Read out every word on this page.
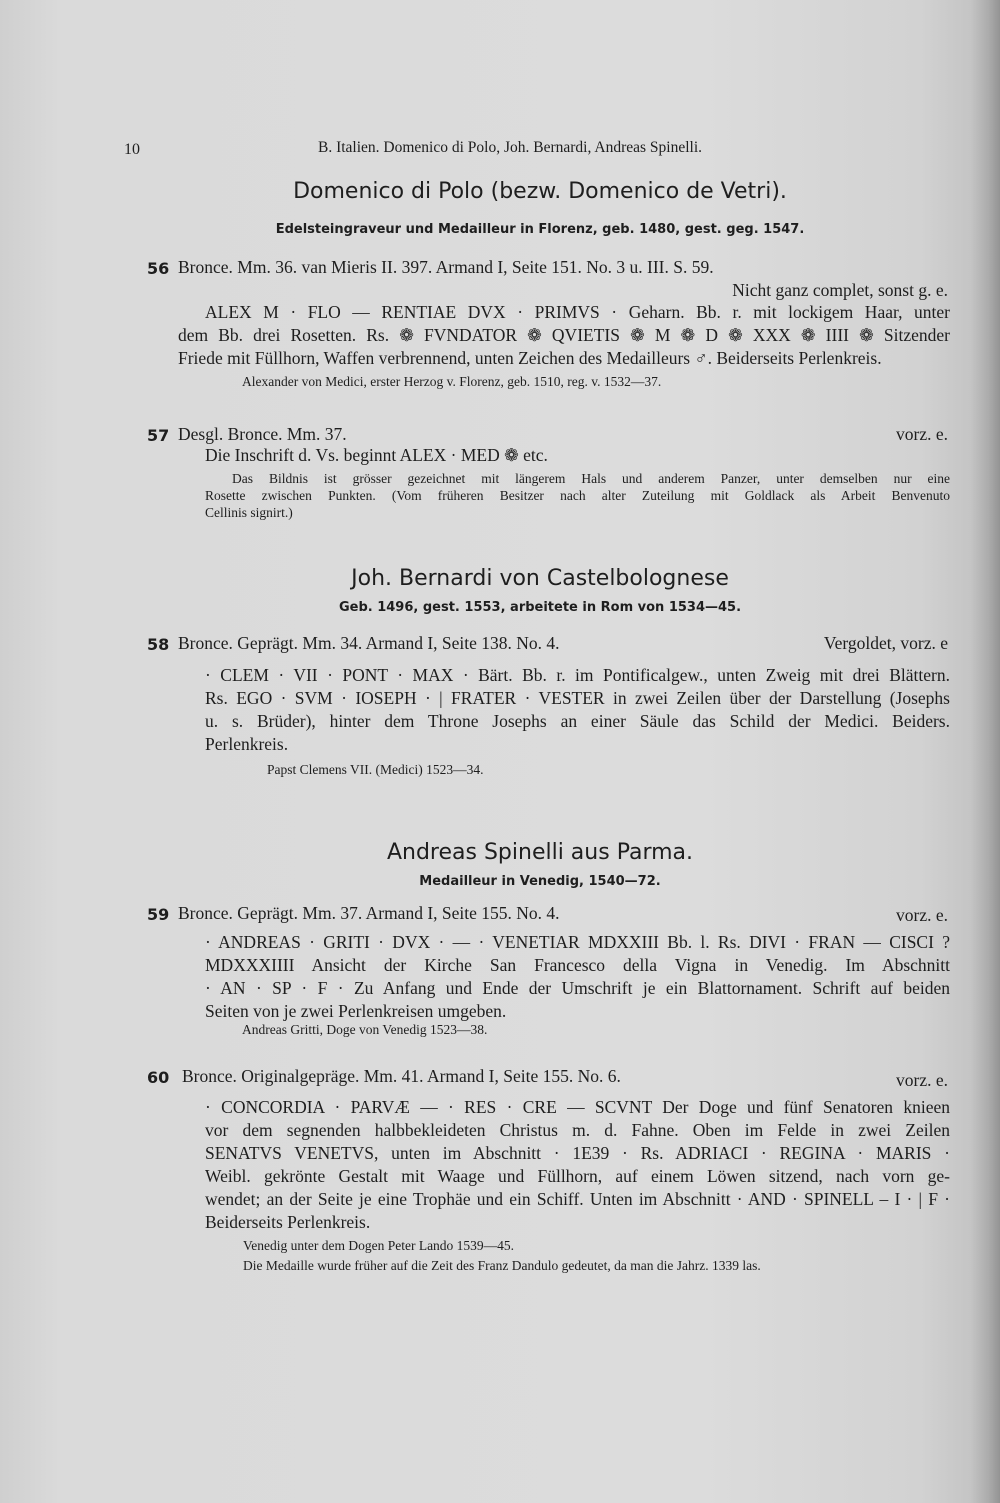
10	B. Italien. Domenico di Polo, Joh. Bernardi, Andreas Spinelli.
Domenico di Polo (bezw. Domenico de Vetri).
Edelsteingraveur und Medailleur in Florenz, geb. 1480, gest. geg. 1547.
56 Bronce. Mm. 36. van Mieris II. 397. Armand I, Seite 151. No. 3 u. III. S. 59.
Nicht ganz complet, sonst g. e.
ALEX M · FLO — RENTIAE DVX · PRIMVS · Geharn. Bb. r. mit lockigem Haar, unter
dem Bb. drei Rosetten. Rs. ❁ FVNDATOR ❁ QVIETIS ❁ M ❁ D ❁ XXX ❁ IIII ❁ Sitzender
Friede mit Füllhorn, Waffen verbrennend, unten Zeichen des Medailleurs ♂. Beiderseits Perlenkreis.
Alexander von Medici, erster Herzog v. Florenz, geb. 1510, reg. v. 1532—37.
57 Desgl. Bronce. Mm. 37.	vorz. e.
Die Inschrift d. Vs. beginnt ALEX · MED ❁ etc.
Das Bildnis ist grösser gezeichnet mit längerem Hals und anderem Panzer, unter demselben nur eine
Rosette zwischen Punkten. (Vom früheren Besitzer nach alter Zuteilung mit Goldlack als Arbeit Benvenuto
Cellinis signirt.)
Joh. Bernardi von Castelbolognese
Geb. 1496, gest. 1553, arbeitete in Rom von 1534—45.
58 Bronce. Geprägt. Mm. 34. Armand I, Seite 138. No. 4.	Vergoldet, vorz. e
· CLEM · VII · PONT · MAX · Bärt. Bb. r. im Pontificalgew., unten Zweig mit drei Blättern.
Rs. EGO · SVM · IOSEPH · | FRATER · VESTER in zwei Zeilen über der Darstellung (Josephs
u. s. Brüder), hinter dem Throne Josephs an einer Säule das Schild der Medici. Beiders.
Perlenkreis.
Papst Clemens VII. (Medici) 1523—34.
Andreas Spinelli aus Parma.
Medailleur in Venedig, 1540—72.
59 Bronce. Geprägt. Mm. 37. Armand I, Seite 155. No. 4.	vorz. e.
· ANDREAS · GRITI · DVX · — · VENETIAR MDXXIII Bb. l. Rs. DIVI · FRAN — CISCI ?
MDXXXIIII Ansicht der Kirche San Francesco della Vigna in Venedig. Im Abschnitt
· AN · SP · F · Zu Anfang und Ende der Umschrift je ein Blattornament. Schrift auf beiden
Seiten von je zwei Perlenkreisen umgeben.
Andreas Gritti, Doge von Venedig 1523—38.
60 Bronce. Originalgepräge. Mm. 41. Armand I, Seite 155. No. 6.	vorz. e.
· CONCORDIA · PARVÆ — · RES · CRE — SCVNT Der Doge und fünf Senatoren knieen
vor dem segnenden halbbekleideten Christus m. d. Fahne. Oben im Felde in zwei Zeilen
SENATVS VENETVS, unten im Abschnitt · 1E39 · Rs. ADRIACI · REGINA · MARIS ·
Weibl. gekrönte Gestalt mit Waage und Füllhorn, auf einem Löwen sitzend, nach vorn ge-
wendet; an der Seite je eine Trophäe und ein Schiff. Unten im Abschnitt · AND · SPINELL – I · | F ·
Beiderseits Perlenkreis.
Venedig unter dem Dogen Peter Lando 1539—45.
Die Medaille wurde früher auf die Zeit des Franz Dandulo gedeutet, da man die Jahrz. 1339 las.
